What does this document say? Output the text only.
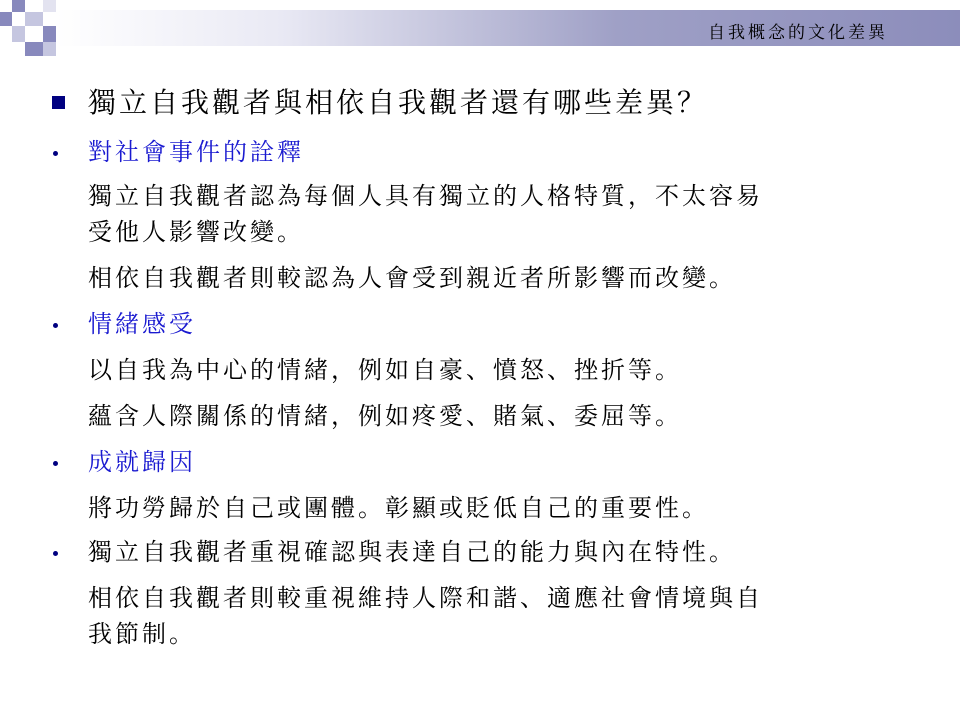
自我概念的文化差異
獨立自我觀者與相依自我觀者還有哪些差異？
對社會事件的詮釋
獨立自我觀者認為每個人具有獨立的人格特質，不太容易
受他人影響改變。
相依自我觀者則較認為人會受到親近者所影響而改變。
情緒感受
以自我為中心的情緒，例如自豪、憤怒、挫折等。
蘊含人際關係的情緒，例如疼愛、賭氣、委屈等。
成就歸因
將功勞歸於自己或團體。彰顯或貶低自己的重要性。
獨立自我觀者重視確認與表達自己的能力與內在特性。
相依自我觀者則較重視維持人際和諧、適應社會情境與自
我節制。
